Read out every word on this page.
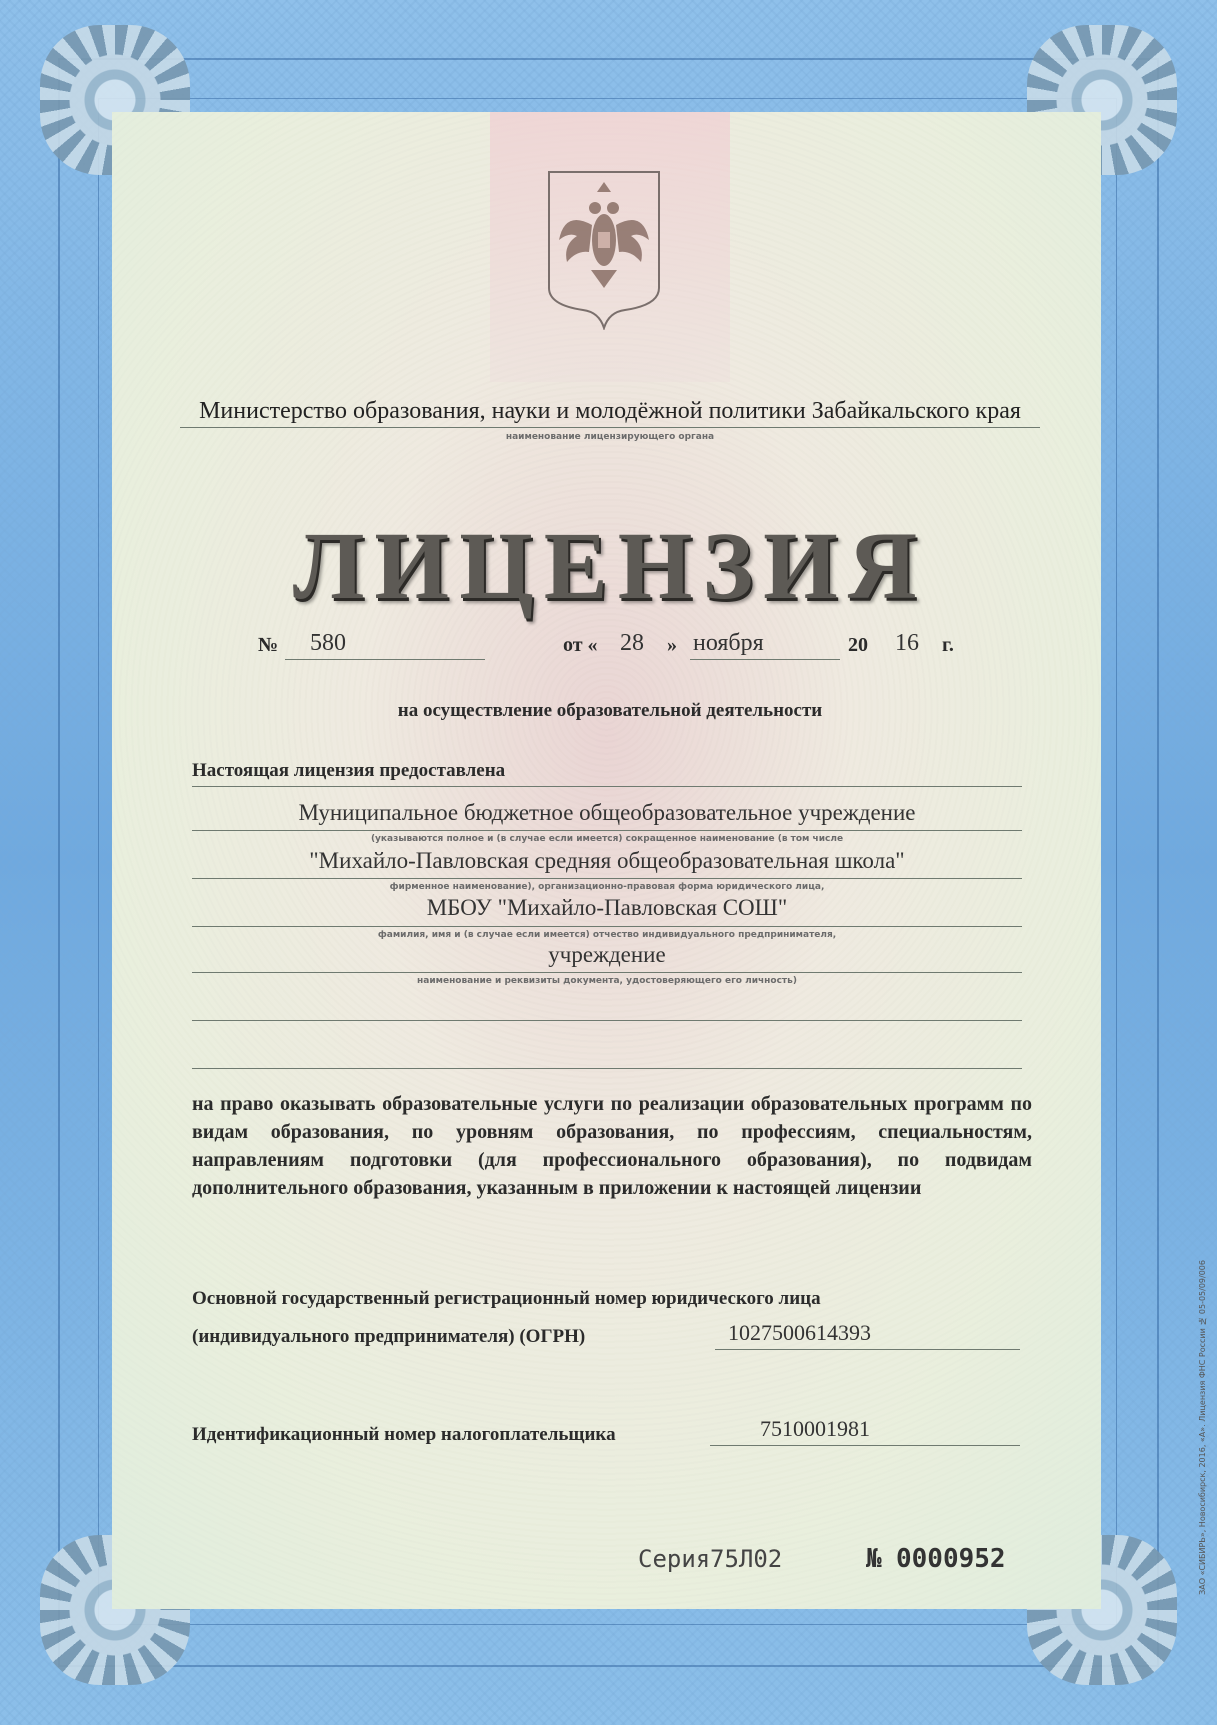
Министерство образования, науки и молодёжной политики Забайкальского края
наименование лицензирующего органа
ЛИЦЕНЗИЯ
№ 580	от « 28 » ноября	20 16 г.
на осуществление образовательной деятельности
Настоящая лицензия предоставлена
Муниципальное бюджетное общеобразовательное учреждение
(указываются полное и (в случае если имеется) сокращенное наименование (в том числе
"Михайло-Павловская средняя общеобразовательная школа"
фирменное наименование), организационно-правовая форма юридического лица,
МБОУ "Михайло-Павловская СОШ"
фамилия, имя и (в случае если имеется) отчество индивидуального предпринимателя,
учреждение
наименование и реквизиты документа, удостоверяющего его личность)
на право оказывать образовательные услуги по реализации образовательных программ по видам образования, по уровням образования, по профессиям, специальностям, направлениям подготовки (для профессионального образования), по подвидам дополнительного образования, указанным в приложении к настоящей лицензии
Основной государственный регистрационный номер юридического лица
(индивидуального предпринимателя) (ОГРН)	1027500614393
Идентификационный номер налогоплательщика	7510001981
Серия 75Л02	№ 0000952	ЗАО «СИБИРЬ», Новосибирск, 2016, «А». Лицензия ФНС России № 05-05/09/006
